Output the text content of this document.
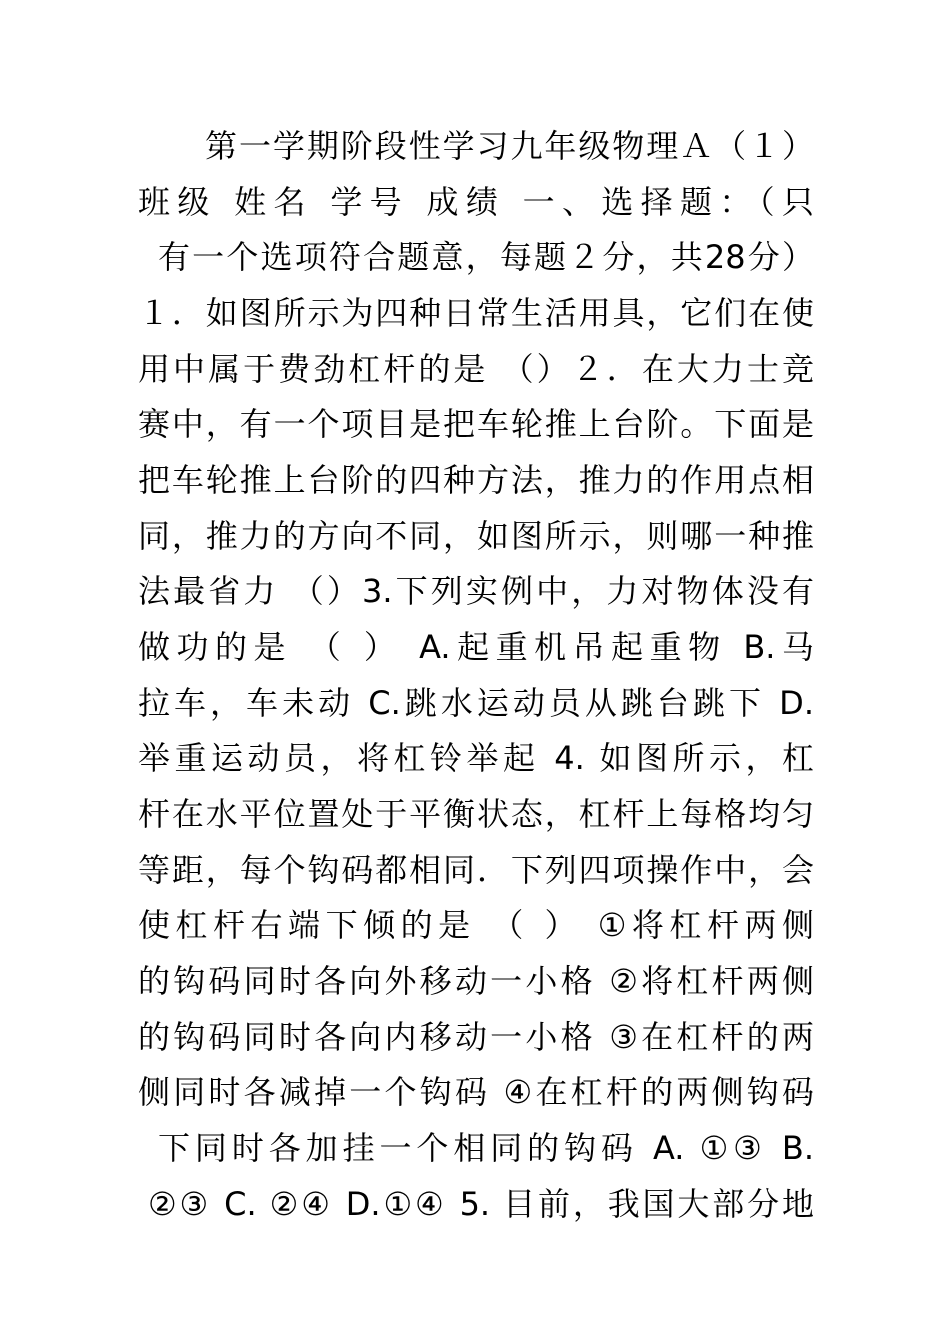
第一学期阶段性学习九年级物理Ａ（１）
班级 姓名 学号 成绩 一、选择题：（只
有一个选项符合题意，每题２分，共28分）
１．如图所示为四种日常生活用具，它们在使
用中属于费劲杠杆的是 （）２．在大力士竞
赛中，有一个项目是把车轮推上台阶。下面是
把车轮推上台阶的四种方法，推力的作用点相
同，推力的方向不同，如图所示，则哪一种推
法最省力 （）3.下列实例中，力对物体没有
做功的是 （ ） A.起重机吊起重物 B.马
拉车，车未动 C.跳水运动员从跳台跳下 D.
举重运动员，将杠铃举起 4. 如图所示，杠
杆在水平位置处于平衡状态，杠杆上每格均匀
等距，每个钩码都相同．下列四项操作中，会
使杠杆右端下倾的是 （ ） ①将杠杆两侧
的钩码同时各向外移动一小格 ②将杠杆两侧
的钩码同时各向内移动一小格 ③在杠杆的两
侧同时各减掉一个钩码 ④在杠杆的两侧钩码
下同时各加挂一个相同的钩码 A. ①③ B.
②③ C. ②④ D.①④ 5. 目前，我国大部分地
